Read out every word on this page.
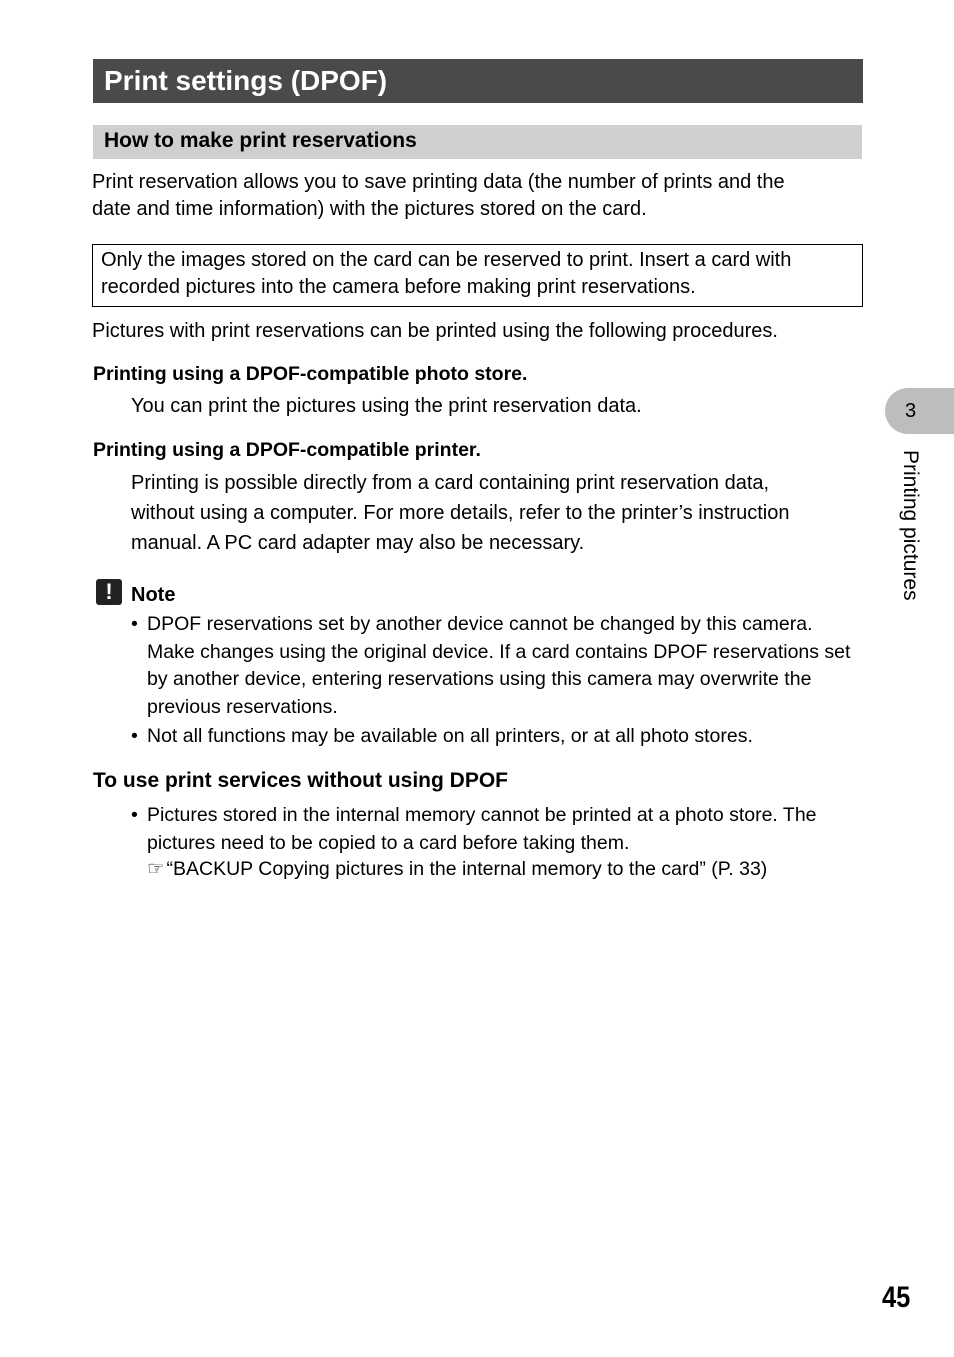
Print settings (DPOF)
How to make print reservations
Print reservation allows you to save printing data (the number of prints and the
date and time information) with the pictures stored on the card.
Only the images stored on the card can be reserved to print. Insert a card with
recorded pictures into the camera before making print reservations.
Pictures with print reservations can be printed using the following procedures.
Printing using a DPOF-compatible photo store.
You can print the pictures using the print reservation data.
Printing using a DPOF-compatible printer.
Printing is possible directly from a card containing print reservation data,
without using a computer. For more details, refer to the printer’s instruction
manual. A PC card adapter may also be necessary.
! Note
• DPOF reservations set by another device cannot be changed by this camera. Make changes using the original device. If a card contains DPOF reservations set by another device, entering reservations using this camera may overwrite the previous reservations.
• Not all functions may be available on all printers, or at all photo stores.
To use print services without using DPOF
• Pictures stored in the internal memory cannot be printed at a photo store. The pictures need to be copied to a card before taking them.
☞ “BACKUP Copying pictures in the internal memory to the card” (P. 33)
3
Printing pictures
45
